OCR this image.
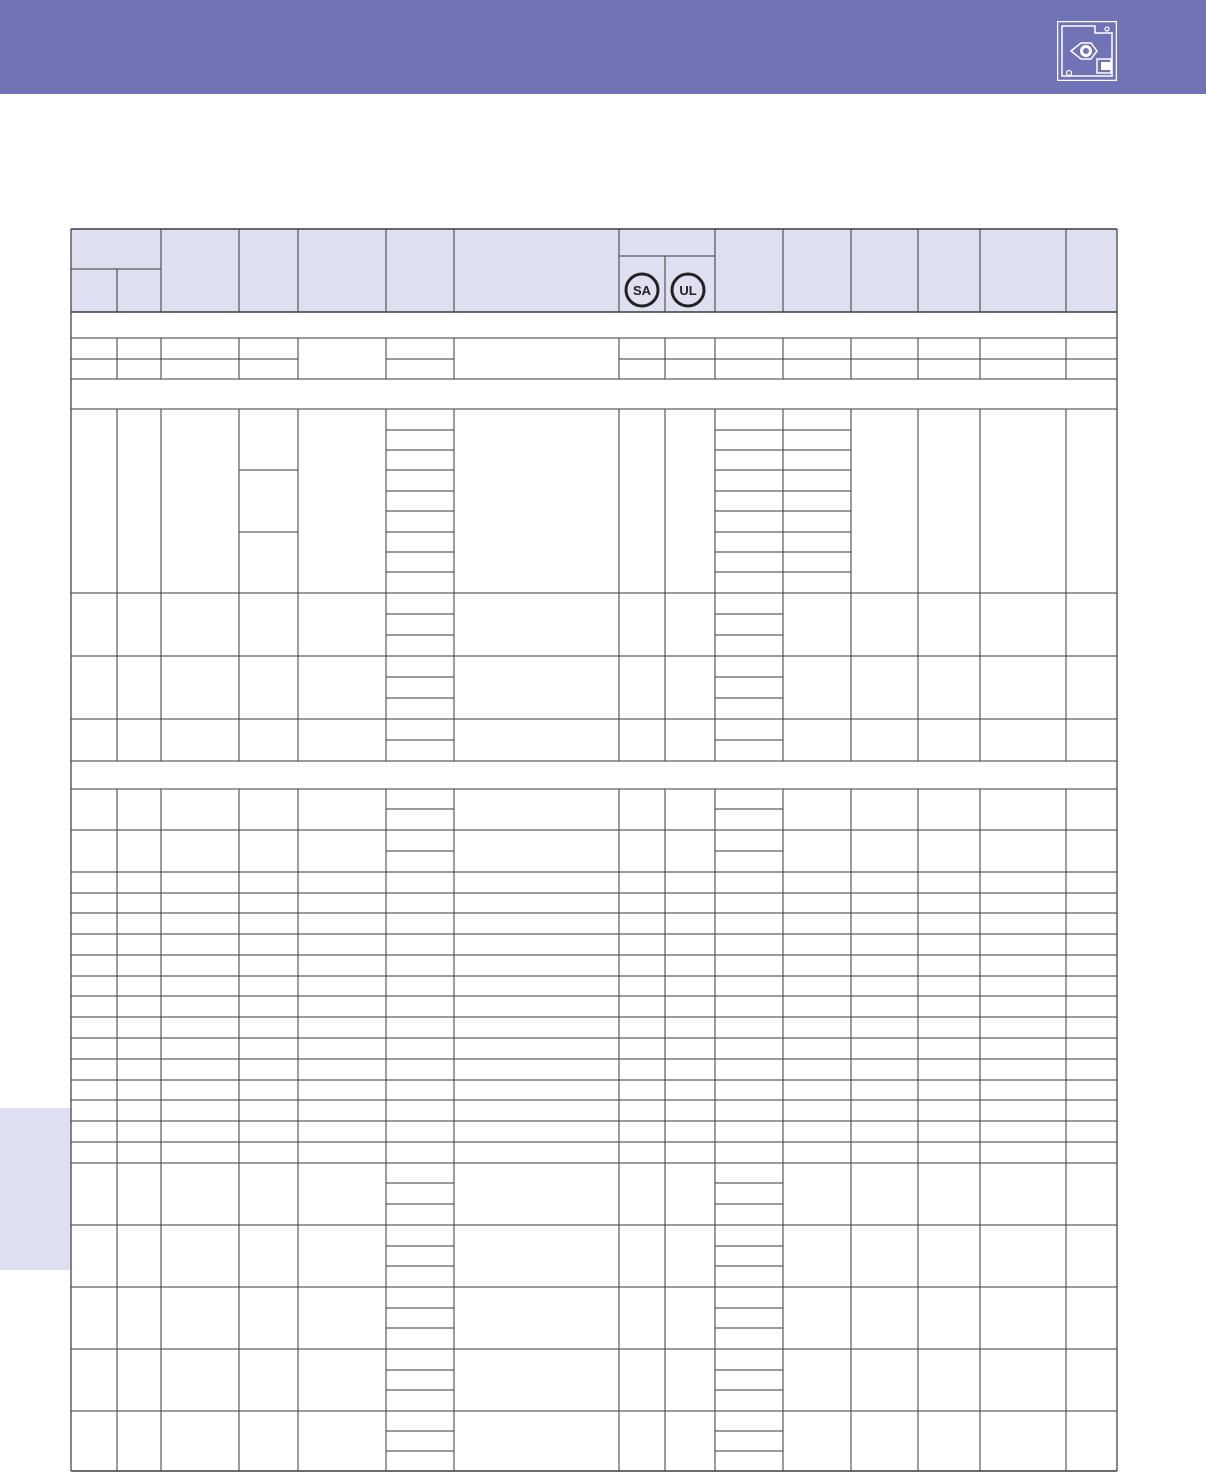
SA UL
